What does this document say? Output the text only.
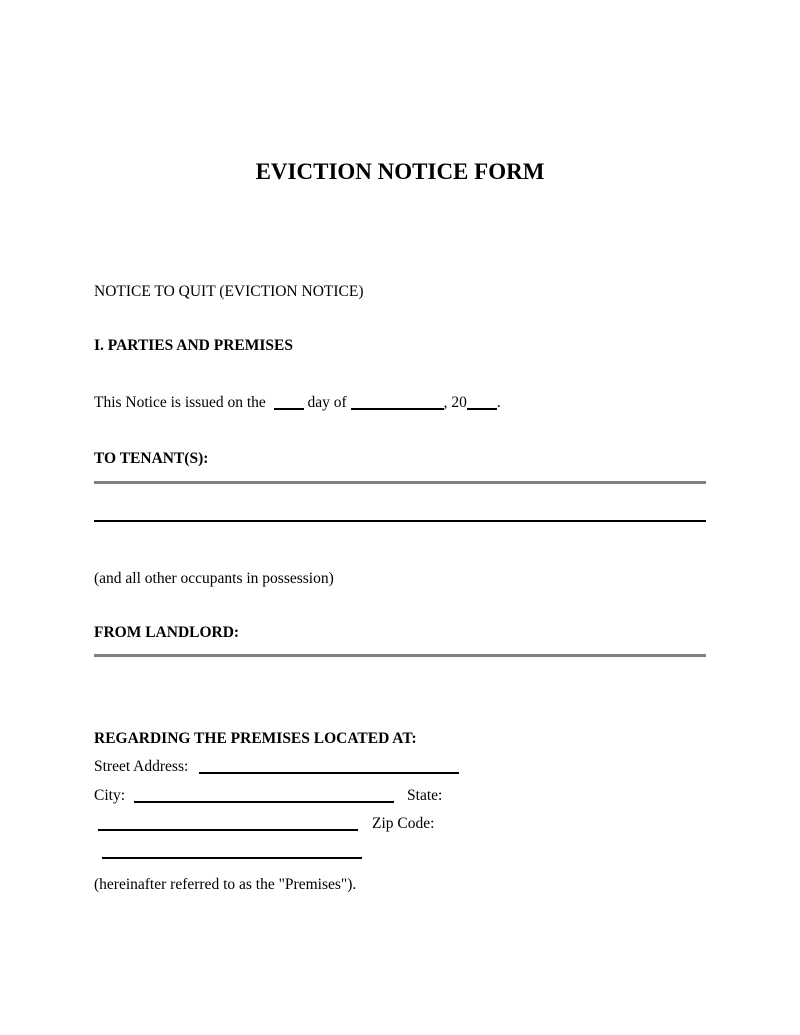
EVICTION NOTICE FORM

NOTICE TO QUIT (EVICTION NOTICE)

I. PARTIES AND PREMISES

This Notice is issued on the	day of	, 20 .

TO TENANT(S):

(and all other occupants in possession)

FROM LANDLORD:

REGARDING THE PREMISES LOCATED AT:

Street Address:

City:	State:

Zip Code:

(hereinafter referred to as the "Premises").
